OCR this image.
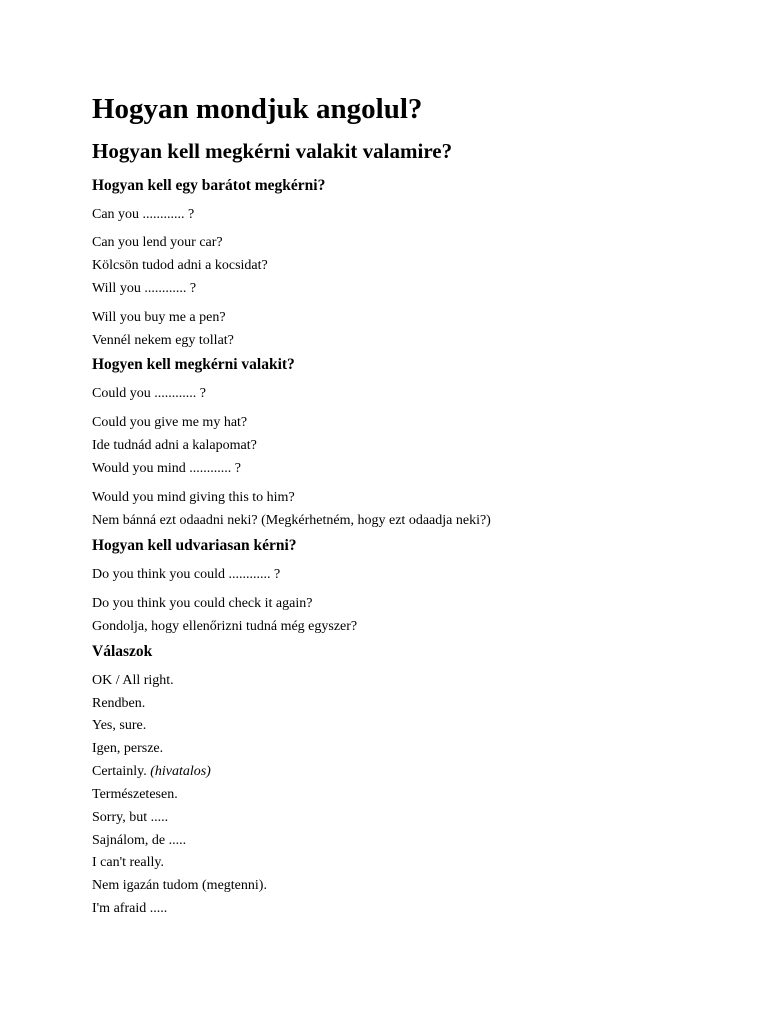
Hogyan mondjuk angolul?
Hogyan kell megkérni valakit valamire?
Hogyan kell egy barátot megkérni?
Can you ............ ?
Can you lend your car?
Kölcsön tudod adni a kocsidat?
Will you ............ ?
Will you buy me a pen?
Vennél nekem egy tollat?
Hogyen kell megkérni valakit?
Could you ............ ?
Could you give me my hat?
Ide tudnád adni a kalapomat?
Would you mind ............ ?
Would you mind giving this to him?
Nem bánná ezt odaadni neki? (Megkérhetném, hogy ezt odaadja neki?)
Hogyan kell udvariasan kérni?
Do you think you could ............ ?
Do you think you could check it again?
Gondolja, hogy ellenőrizni tudná még egyszer?
Válaszok
OK / All right.
Rendben.
Yes, sure.
Igen, persze.
Certainly. (hivatalos)
Természetesen.
Sorry, but .....
Sajnálom, de .....
I can't really.
Nem igazán tudom (megtenni).
I'm afraid .....
